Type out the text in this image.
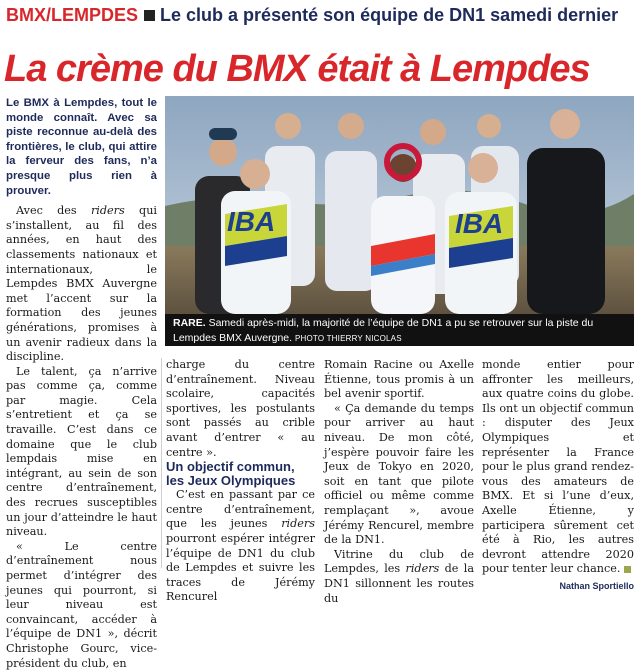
BMX/LEMPDES Le club a présenté son équipe de DN1 samedi dernier
La crème du BMX était à Lempdes
IBA	IBA
RARE. Samedi après-midi, la majorité de l’équipe de DN1 a pu se retrouver sur la piste du Lempdes BMX Auvergne. PHOTO THIERRY NICOLAS

Le BMX à Lempdes, tout le monde connaît. Avec sa piste reconnue au-delà des frontières, le club, qui attire la ferveur des fans, n’a presque plus rien à prouver.

Avec des riders qui s’installent, au fil des années, en haut des classements nationaux et internationaux, le Lempdes BMX Auvergne met l’accent sur la formation des jeunes générations, promises à un avenir radieux dans la discipline.

Le talent, ça n’arrive pas comme ça, comme par magie. Cela s’entretient et ça se travaille. C’est dans ce domaine que le club lempdais mise en intégrant, au sein de son centre d’entraînement, des recrues susceptibles un jour d’atteindre le haut niveau.

« Le centre d’entraînement nous permet d’intégrer des jeunes qui pourront, si leur niveau est convaincant, accéder à l’équipe de DN1 », décrit Christophe Gourc, vice-président du club, en

charge du centre d’entraînement. Niveau scolaire, capacités sportives, les postulants sont passés au crible avant d’entrer « au centre ».

Un objectif commun, les Jeux Olympiques

C’est en passant par ce centre d’entraînement, que les jeunes riders pourront espérer intégrer l’équipe de DN1 du club de Lempdes et suivre les traces de Jérémy Rencurel

Romain Racine ou Axelle Étienne, tous promis à un bel avenir sportif.

« Ça demande du temps pour arriver au haut niveau. De mon côté, j’espère pouvoir faire les Jeux de Tokyo en 2020, soit en tant que pilote officiel ou même comme remplaçant », avoue Jérémy Rencurel, membre de la DN1.

Vitrine du club de Lempdes, les riders de la DN1 sillonnent les routes du

monde entier pour affronter les meilleurs, aux quatre coins du globe. Ils ont un objectif commun : disputer des Jeux Olympiques et représenter la France pour le plus grand rendez-vous des amateurs de BMX. Et si l’une d’eux, Axelle Étienne, y participera sûrement cet été à Rio, les autres devront attendre 2020 pour tenter leur chance.

Nathan Sportiello
